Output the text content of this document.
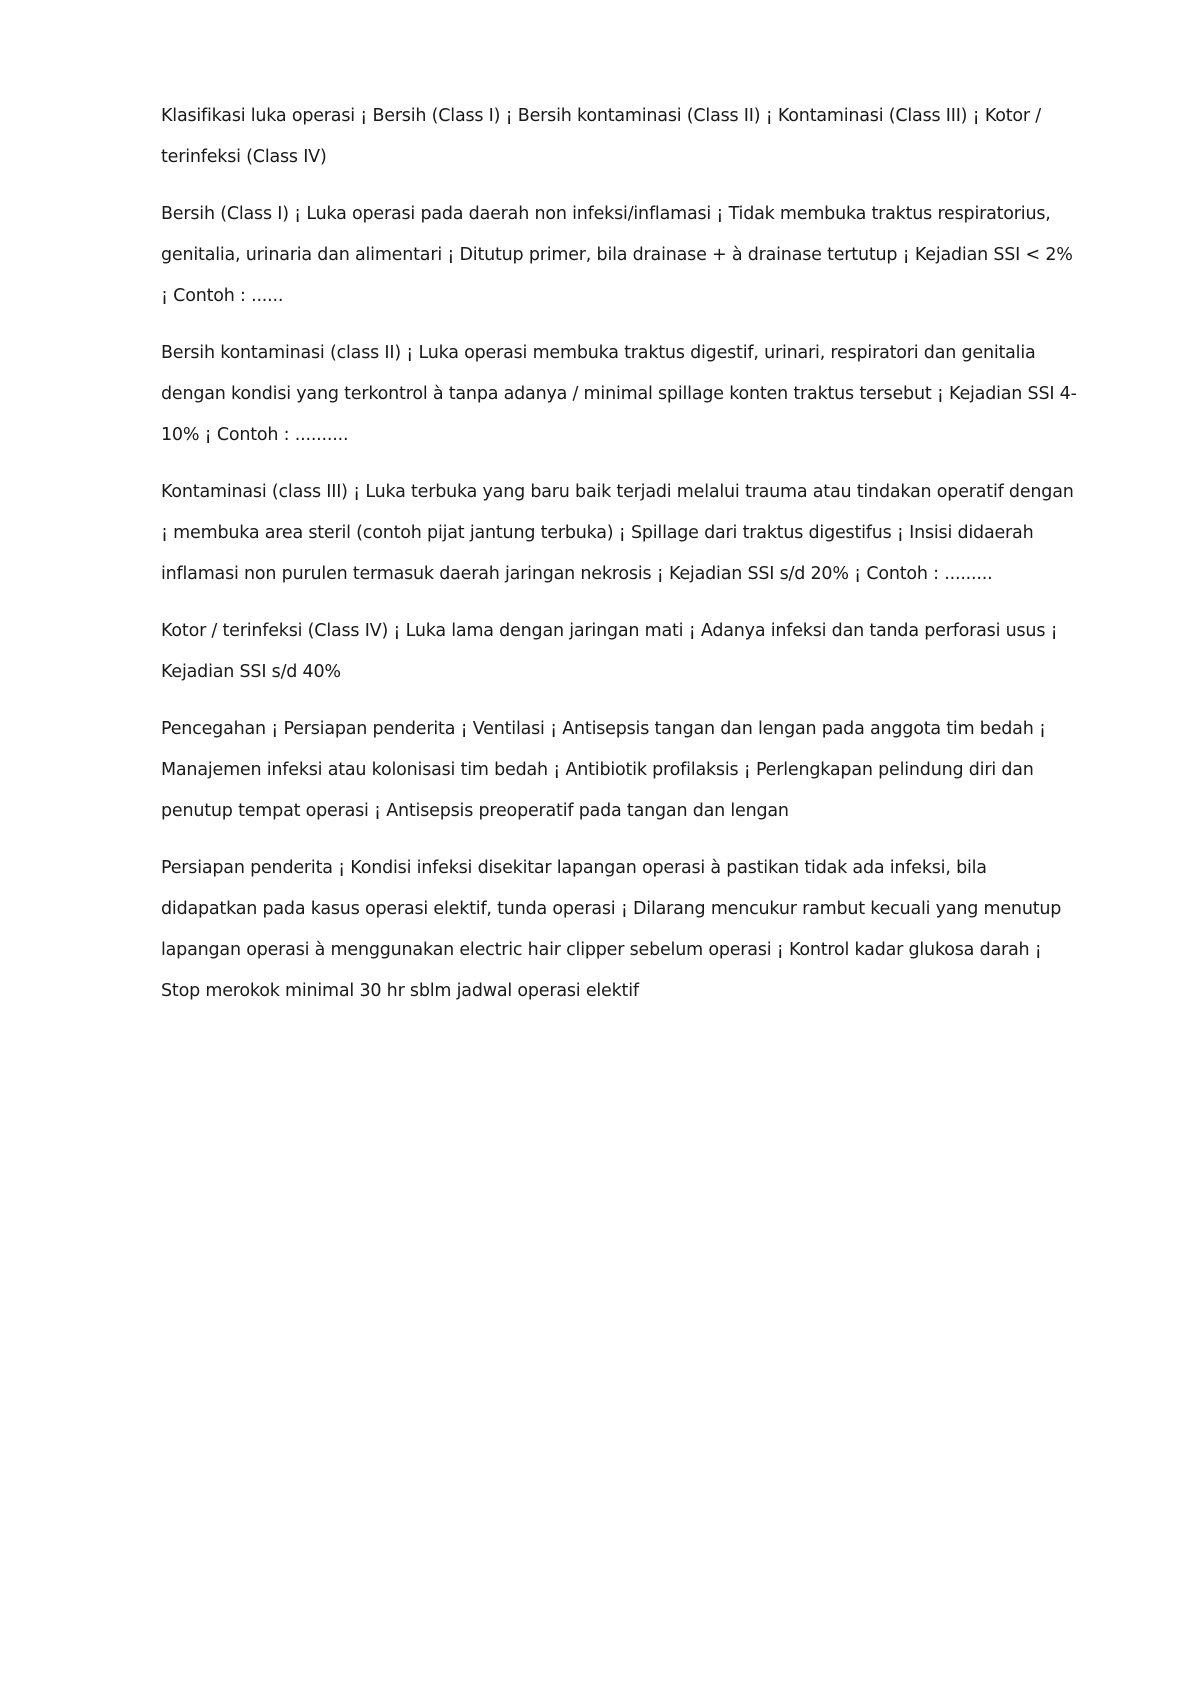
Klasifikasi luka operasi ¡ Bersih (Class I) ¡ Bersih kontaminasi (Class II) ¡ Kontaminasi (Class III) ¡ Kotor / terinfeksi (Class IV)

Bersih (Class I) ¡ Luka operasi pada daerah non infeksi/inflamasi ¡ Tidak membuka traktus respiratorius, genitalia, urinaria dan alimentari ¡ Ditutup primer, bila drainase + à drainase tertutup ¡ Kejadian SSI < 2% ¡ Contoh : ......

Bersih kontaminasi (class II) ¡ Luka operasi membuka traktus digestif, urinari, respiratori dan genitalia dengan kondisi yang terkontrol à tanpa adanya / minimal spillage konten traktus tersebut ¡ Kejadian SSI 4-10% ¡ Contoh : ..........

Kontaminasi (class III) ¡ Luka terbuka yang baru baik terjadi melalui trauma atau tindakan operatif dengan ¡ membuka area steril (contoh pijat jantung terbuka) ¡ Spillage dari traktus digestifus ¡ Insisi didaerah inflamasi non purulen termasuk daerah jaringan nekrosis ¡ Kejadian SSI s/d 20% ¡ Contoh : .........

Kotor / terinfeksi (Class IV) ¡ Luka lama dengan jaringan mati ¡ Adanya infeksi dan tanda perforasi usus ¡ Kejadian SSI s/d 40%

Pencegahan ¡ Persiapan penderita ¡ Ventilasi ¡ Antisepsis tangan dan lengan pada anggota tim bedah ¡ Manajemen infeksi atau kolonisasi tim bedah ¡ Antibiotik profilaksis ¡ Perlengkapan pelindung diri dan penutup tempat operasi ¡ Antisepsis preoperatif pada tangan dan lengan

Persiapan penderita ¡ Kondisi infeksi disekitar lapangan operasi à pastikan tidak ada infeksi, bila didapatkan pada kasus operasi elektif, tunda operasi ¡ Dilarang mencukur rambut kecuali yang menutup lapangan operasi à menggunakan electric hair clipper sebelum operasi ¡ Kontrol kadar glukosa darah ¡ Stop merokok minimal 30 hr sblm jadwal operasi elektif
